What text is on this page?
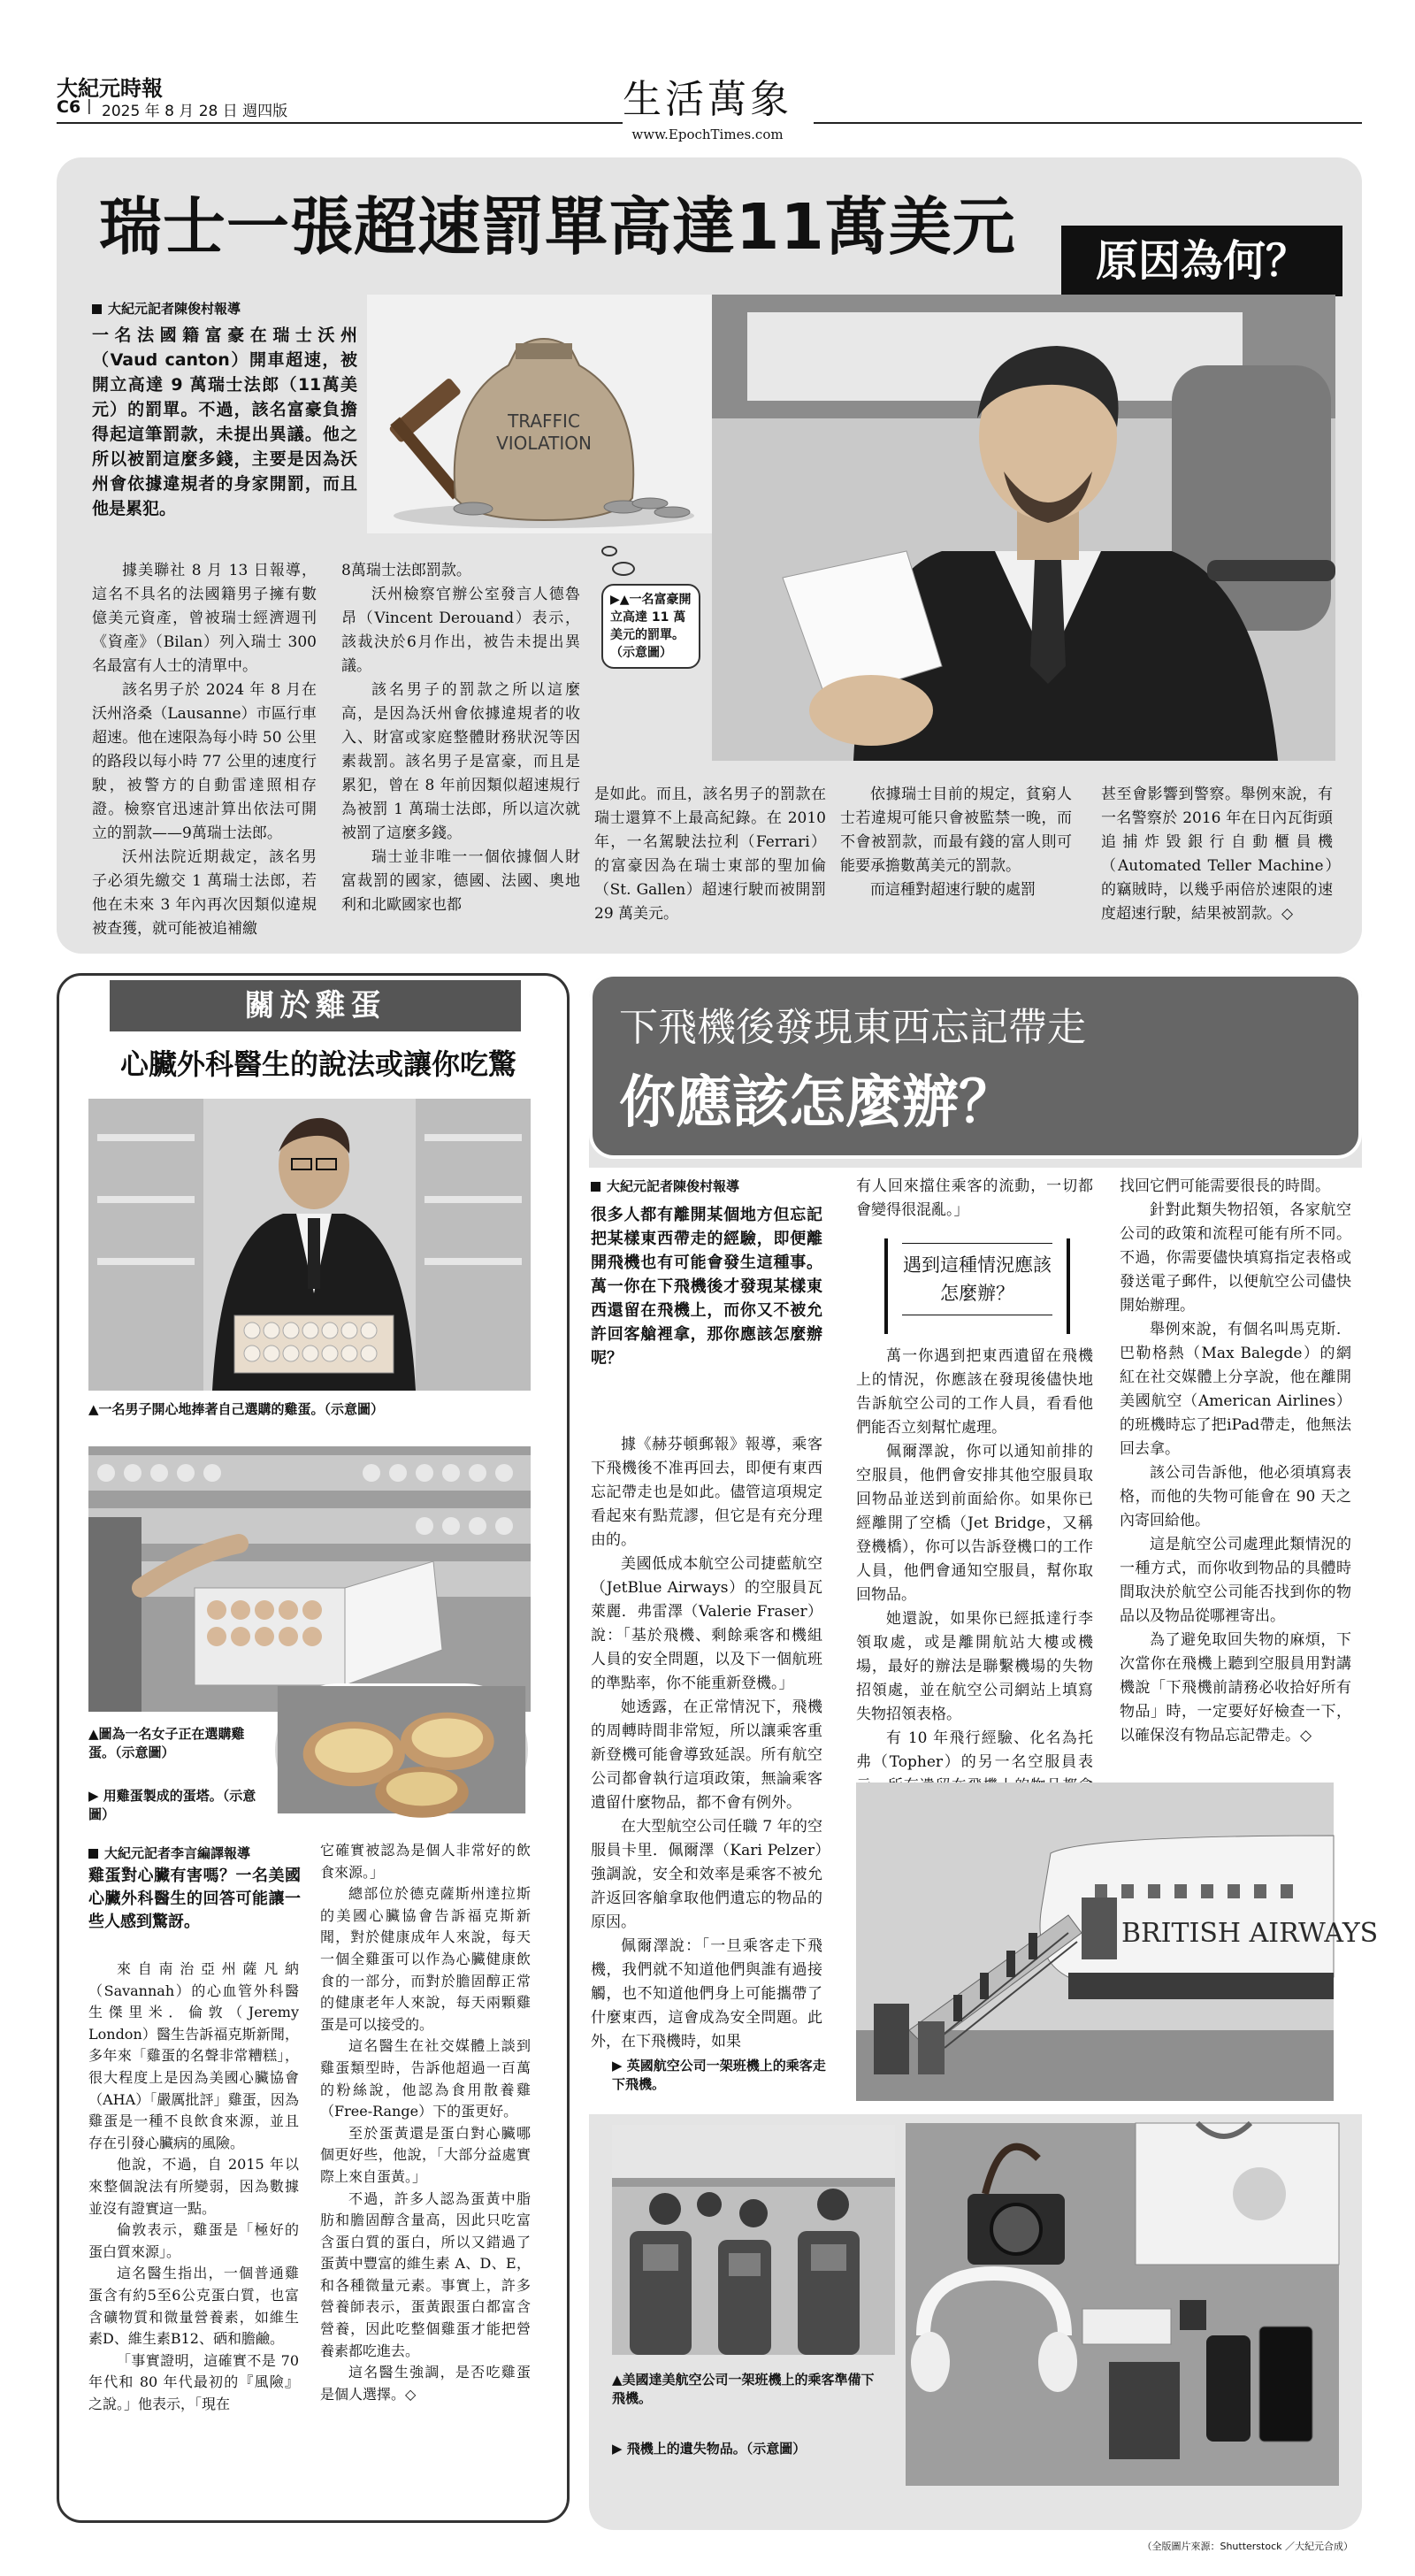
大紀元時報
C6 | 2025 年 8 月 28 日 週四版	生活萬象
www.EpochTimes.com
瑞士一張超速罰單高達11萬美元	原因為何？
大紀元記者陳俊村報導
一名法國籍富豪在瑞士沃州（Vaud canton）開車超速，被開立高達 9 萬瑞士法郎（11萬美元）的罰單。不過，該名富豪負擔得起這筆罰款，未提出異議。他之所以被罰這麼多錢，主要是因為沃州會依據違規者的身家開罰，而且他是累犯。
TRAFFIC
VIOLATION
▶▲一名富豪開立高達 11 萬美元的罰單。（示意圖）

據美聯社 8 月 13 日報導，這名不具名的法國籍男子擁有數億美元資產，曾被瑞士經濟週刊《資產》（Bilan）列入瑞士 300 名最富有人士的清單中。

該名男子於 2024 年 8 月在沃州洛桑（Lausanne）市區行車超速。他在速限為每小時 50 公里的路段以每小時 77 公里的速度行駛，被警方的自動雷達照相存證。檢察官迅速計算出依法可開立的罰款——9萬瑞士法郎。

沃州法院近期裁定，該名男子必須先繳交 1 萬瑞士法郎，若他在未來 3 年內再次因類似違規被查獲，就可能被追補繳

8萬瑞士法郎罰款。

沃州檢察官辦公室發言人德魯昂（Vincent Derouand）表示，該裁決於6月作出，被告未提出異議。

該名男子的罰款之所以這麼高，是因為沃州會依據違規者的收入、財富或家庭整體財務狀況等因素裁罰。該名男子是富豪，而且是累犯，曾在 8 年前因類似超速規行為被罰 1 萬瑞士法郎，所以這次就被罰了這麼多錢。

瑞士並非唯一一個依據個人財富裁罰的國家，德國、法國、奧地利和北歐國家也都

是如此。而且，該名男子的罰款在瑞士還算不上最高紀錄。在 2010 年，一名駕駛法拉利（Ferrari）的富豪因為在瑞士東部的聖加倫（St. Gallen）超速行駛而被開罰 29 萬美元。

依據瑞士目前的規定，貧窮人士若違規可能只會被監禁一晚，而不會被罰款，而最有錢的富人則可能要承擔數萬美元的罰款。

而這種對超速行駛的處罰

甚至會影響到警察。舉例來說，有一名警察於 2016 年在日內瓦街頭追捕炸毀銀行自動櫃員機（Automated Teller Machine）的竊賊時，以幾乎兩倍於速限的速度超速行駛，結果被罰款。◇

關於雞蛋
心臟外科醫生的說法或讓你吃驚
▲一名男子開心地捧著自己選購的雞蛋。（示意圖）
▲圖為一名女子正在選購雞蛋。（示意圖）
▶ 用雞蛋製成的蛋塔。（示意圖）
大紀元記者李言編譯報導
雞蛋對心臟有害嗎？一名美國心臟外科醫生的回答可能讓一些人感到驚訝。

來自南治亞州薩凡納（Savannah）的心血管外科醫生傑里米．倫敦（Jeremy London）醫生告訴福克斯新聞，多年來「雞蛋的名聲非常糟糕」，很大程度上是因為美國心臟協會（AHA）「嚴厲批評」雞蛋，因為雞蛋是一種不良飲食來源，並且存在引發心臟病的風險。

他說，不過，自 2015 年以來整個說法有所變弱，因為數據並沒有證實這一點。

倫敦表示，雞蛋是「極好的蛋白質來源」。

這名醫生指出，一個普通雞蛋含有約5至6公克蛋白質，也富含礦物質和微量營養素，如維生素D、維生素B12、硒和膽鹼。

「事實證明，這確實不是 70 年代和 80 年代最初的『風險』之說。」他表示，「現在

它確實被認為是個人非常好的飲食來源。」

總部位於德克薩斯州達拉斯的美國心臟協會告訴福克斯新聞，對於健康成年人來說，每天一個全雞蛋可以作為心臟健康飲食的一部分，而對於膽固醇正常的健康老年人來說，每天兩顆雞蛋是可以接受的。

這名醫生在社交媒體上談到雞蛋類型時，告訴他超過一百萬的粉絲說，他認為食用散養雞（Free-Range）下的蛋更好。

至於蛋黃還是蛋白對心臟哪個更好些，他說，「大部分益處實際上來自蛋黃。」

不過，許多人認為蛋黃中脂肪和膽固醇含量高，因此只吃富含蛋白質的蛋白，所以又錯過了蛋黃中豐富的維生素 A、D、E，和各種微量元素。事實上，許多營養師表示，蛋黃跟蛋白都富含營養，因此吃整個雞蛋才能把營養素都吃進去。

這名醫生強調，是否吃雞蛋是個人選擇。◇

下飛機後發現東西忘記帶走
你應該怎麼辦？
大紀元記者陳俊村報導
很多人都有離開某個地方但忘記把某樣東西帶走的經驗，即便離開飛機也有可能會發生這種事。萬一你在下飛機後才發現某樣東西還留在飛機上，而你又不被允許回客艙裡拿，那你應該怎麼辦呢？

據《赫芬頓郵報》報導，乘客下飛機後不准再回去，即便有東西忘記帶走也是如此。儘管這項規定看起來有點荒謬，但它是有充分理由的。

美國低成本航空公司捷藍航空（JetBlue Airways）的空服員瓦萊麗．弗雷澤（Valerie Fraser）說：「基於飛機、剩餘乘客和機組人員的安全問題，以及下一個航班的準點率，你不能重新登機。」

她透露，在正常情況下，飛機的周轉時間非常短，所以讓乘客重新登機可能會導致延誤。所有航空公司都會執行這項政策，無論乘客遺留什麼物品，都不會有例外。

在大型航空公司任職 7 年的空服員卡里．佩爾澤（Kari Pelzer）強調說，安全和效率是乘客不被允許返回客艙拿取他們遺忘的物品的原因。

佩爾澤說：「一旦乘客走下飛機，我們就不知道他們與誰有過接觸，也不知道他們身上可能攜帶了什麼東西，這會成為安全問題。此外，在下飛機時，如果

有人回來擋住乘客的流動，一切都會變得很混亂。」

遇到這種情況應該怎麼辦？

萬一你遇到把東西遺留在飛機上的情況，你應該在發現後儘快地告訴航空公司的工作人員，看看他們能否立刻幫忙處理。

佩爾澤說，你可以通知前排的空服員，他們會安排其他空服員取回物品並送到前面給你。如果你已經離開了空橋（Jet Bridge，又稱登機橋），你可以告訴登機口的工作人員，他們會通知空服員，幫你取回物品。

她還說，如果你已經抵達行李領取處，或是離開航站大樓或機場，最好的辦法是聯繫機場的失物招領處，並在航空公司網站上填寫失物招領表格。

有 10 年飛行經驗、化名為托弗（Topher）的另一名空服員表

找回它們可能需要很長的時間。

針對此類失物招領，各家航空公司的政策和流程可能有所不同。不過，你需要儘快填寫指定表格或發送電子郵件，以便航空公司儘快開始辦理。

舉例來說，有個名叫馬克斯．巴勒格熱（Max Balegde）的網紅在社交媒體上分享說，他在離開美國航空（American Airlines）的班機時忘了把iPad帶走，他無法回去拿。

該公司告訴他，他必須填寫表格，而他的失物可能會在 90 天之內寄回給他。

這是航空公司處理此類情況的一種方式，而你收到物品的具體時間取決於航空公司能否找到你的物品以及物品從哪裡寄出。

為了避免取回失物的麻煩，下次當你在飛機上聽到空服員用對講機說「下飛機前請務必收拾好所有物品」時，一定要好好檢查一下，以確保沒有物品忘記帶走。◇

BRITISH AIRWAYS
▶ 英國航空公司一架班機上的乘客走下飛機。
▲美國達美航空公司一架班機上的乘客準備下飛機。
▶ 飛機上的遺失物品。（示意圖）
（全版圖片來源：Shutterstock ／大紀元合成）
